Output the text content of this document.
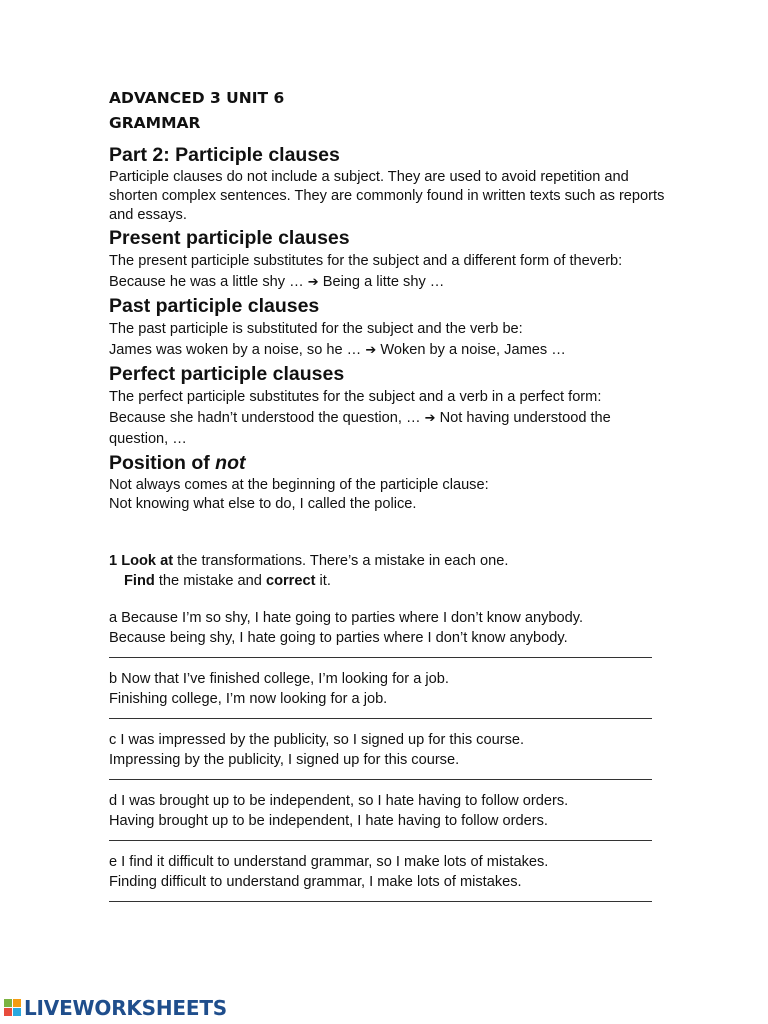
ADVANCED 3 UNIT 6
GRAMMAR
Part 2: Participle clauses

Participle clauses do not include a subject. They are used to avoid repetition and shorten complex sentences. They are commonly found in written texts such as reports and essays.

Present participle clauses

The present participle substitutes for the subject and a different form of theverb:

Because he was a little shy … ➔ Being a litte shy …

Past participle clauses

The past participle is substituted for the subject and the verb be:

James was woken by a noise, so he … ➔ Woken by a noise, James …

Perfect participle clauses

The perfect participle substitutes for the subject and a verb in a perfect form:

Because she hadn’t understood the question, … ➔ Not having understood the question, …

Position of not

Not always comes at the beginning of the participle clause:

Not knowing what else to do, I called the police.

1 Look at the transformations. There’s a mistake in each one.

Find the mistake and correct it.

a Because I’m so shy, I hate going to parties where I don’t know anybody.

Because being shy, I hate going to parties where I don’t know anybody.

b Now that I’ve finished college, I’m looking for a job.

Finishing college, I’m now looking for a job.

c I was impressed by the publicity, so I signed up for this course.

Impressing by the publicity, I signed up for this course.

d I was brought up to be independent, so I hate having to follow orders.

Having brought up to be independent, I hate having to follow orders.

e I find it difficult to understand grammar, so I make lots of mistakes.

Finding difficult to understand grammar, I make lots of mistakes.

LIVEWORKSHEETS
